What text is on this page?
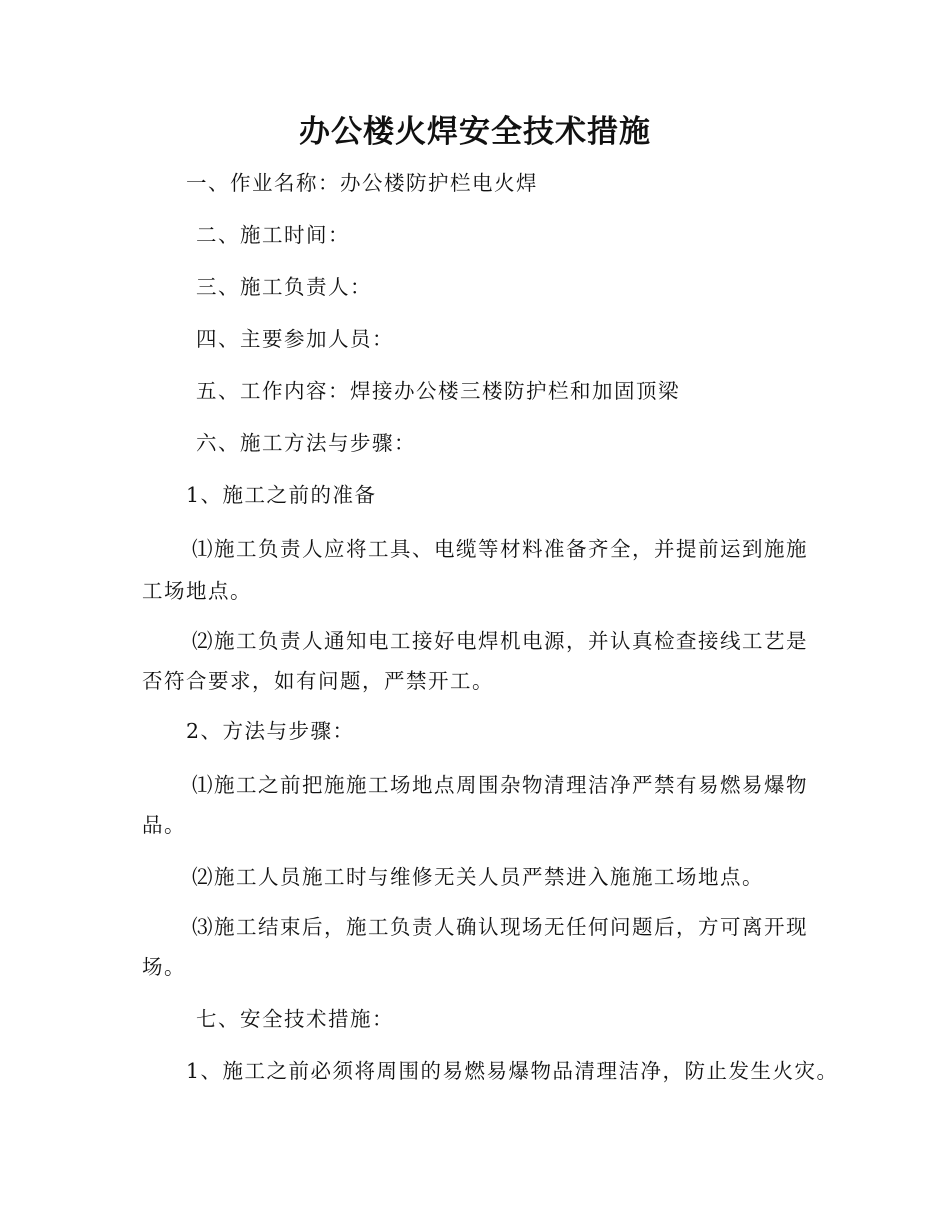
办公楼火焊安全技术措施
一、作业名称：办公楼防护栏电火焊
二、施工时间：
三、施工负责人：
四、主要参加人员：
五、工作内容：焊接办公楼三楼防护栏和加固顶梁
六、施工方法与步骤：
1、施工之前的准备
⑴施工负责人应将工具、电缆等材料准备齐全，并提前运到施施
工场地点。
⑵施工负责人通知电工接好电焊机电源，并认真检查接线工艺是
否符合要求，如有问题，严禁开工。
2、方法与步骤：
⑴施工之前把施施工场地点周围杂物清理洁净严禁有易燃易爆物
品。
⑵施工人员施工时与维修无关人员严禁进入施施工场地点。
⑶施工结束后，施工负责人确认现场无任何问题后，方可离开现
场。
七、安全技术措施：
1、施工之前必须将周围的易燃易爆物品清理洁净，防止发生火灾。
